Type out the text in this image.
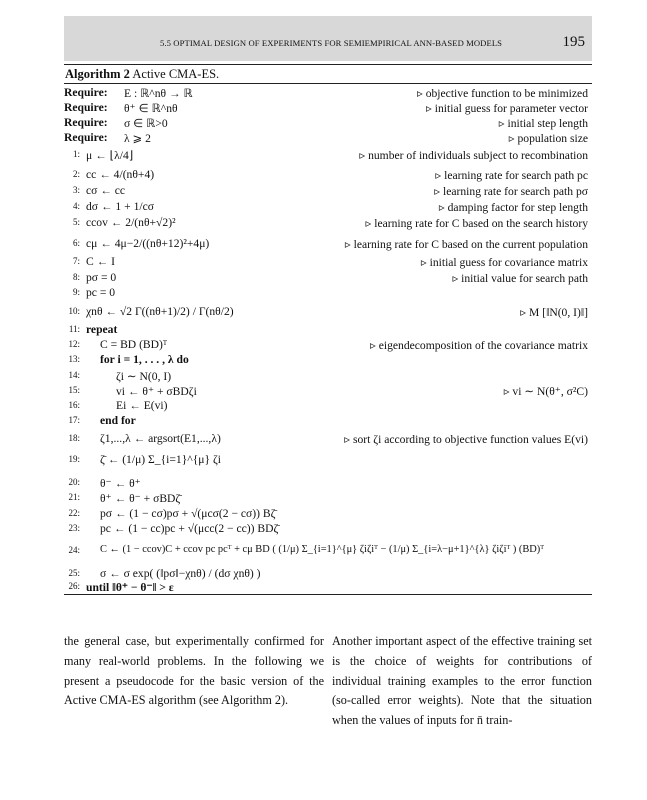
5.5 OPTIMAL DESIGN OF EXPERIMENTS FOR SEMIEMPIRICAL ANN-BASED MODELS	195
Algorithm 2 Active CMA-ES.
Require: E : ℝ^nθ → ℝ	▹ objective function to be minimized
Require: θ⁺ ∈ ℝ^nθ	▹ initial guess for parameter vector
Require: σ ∈ ℝ>0	▹ initial step length
Require: λ ⩾ 2	▹ population size
1: μ ← ⌊λ/4⌋	▹ number of individuals subject to recombination
2: cc ← 4/(nθ+4)	▹ learning rate for search path pc
3: cσ ← cc	▹ learning rate for search path pσ
4: dσ ← 1 + 1/cσ	▹ damping factor for step length
5: ccov ← 2/(nθ+√2)²	▹ learning rate for C based on the search history
6: cμ ← 4μ−2/((nθ+12)²+4μ)	▹ learning rate for C based on the current population
7: C ← I	▹ initial guess for covariance matrix
8: pσ = 0	▹ initial value for search path
9: pc = 0
10: χnθ ← √2 Γ((nθ+1)/2) / Γ(nθ/2)	▹ M [‖N(0, I)‖]
11: repeat
12: C = BD (BD)ᵀ	▹ eigendecomposition of the covariance matrix
13: for i = 1, . . . , λ do
14:	ζi ∼ N(0, I)
15:	vi ← θ⁺ + σBDζi	▹ vi ∼ N(θ⁺, σ²C)
16:	Ei ← E(vi)
17: end for
18: ζ1,...,λ ← argsort(E1,...,λ)	▹ sort ζi according to objective function values E(vi)
19: ζ̄ ← (1/μ) Σ_{i=1}^{μ} ζi
20: θ⁻ ← θ⁺
21: θ⁺ ← θ⁻ + σBDζ̄
22: pσ ← (1 − cσ)pσ + √(μcσ(2 − cσ)) Bζ̄
23: pc ← (1 − cc)pc + √(μcc(2 − cc)) BDζ̄
24: C ← (1 − ccov)C + ccov pc pcᵀ + cμ BD ( (1/μ) Σ_{i=1}^{μ} ζiζiᵀ − (1/μ) Σ_{i=λ−μ+1}^{λ} ζiζiᵀ ) (BD)ᵀ
25: σ ← σ exp( (‖pσ‖−χnθ) / (dσ χnθ) )
26: until ‖θ⁺ − θ⁻‖ > ε

the general case, but experimentally confirmed for many real-world problems. In the following we present a pseudocode for the basic version of the Active CMA-ES algorithm (see Algorithm 2).

Another important aspect of the effective training set is the choice of weights for contributions of individual training examples to the error function (so-called error weights). Note that the situation when the values of inputs for n̄ train-
